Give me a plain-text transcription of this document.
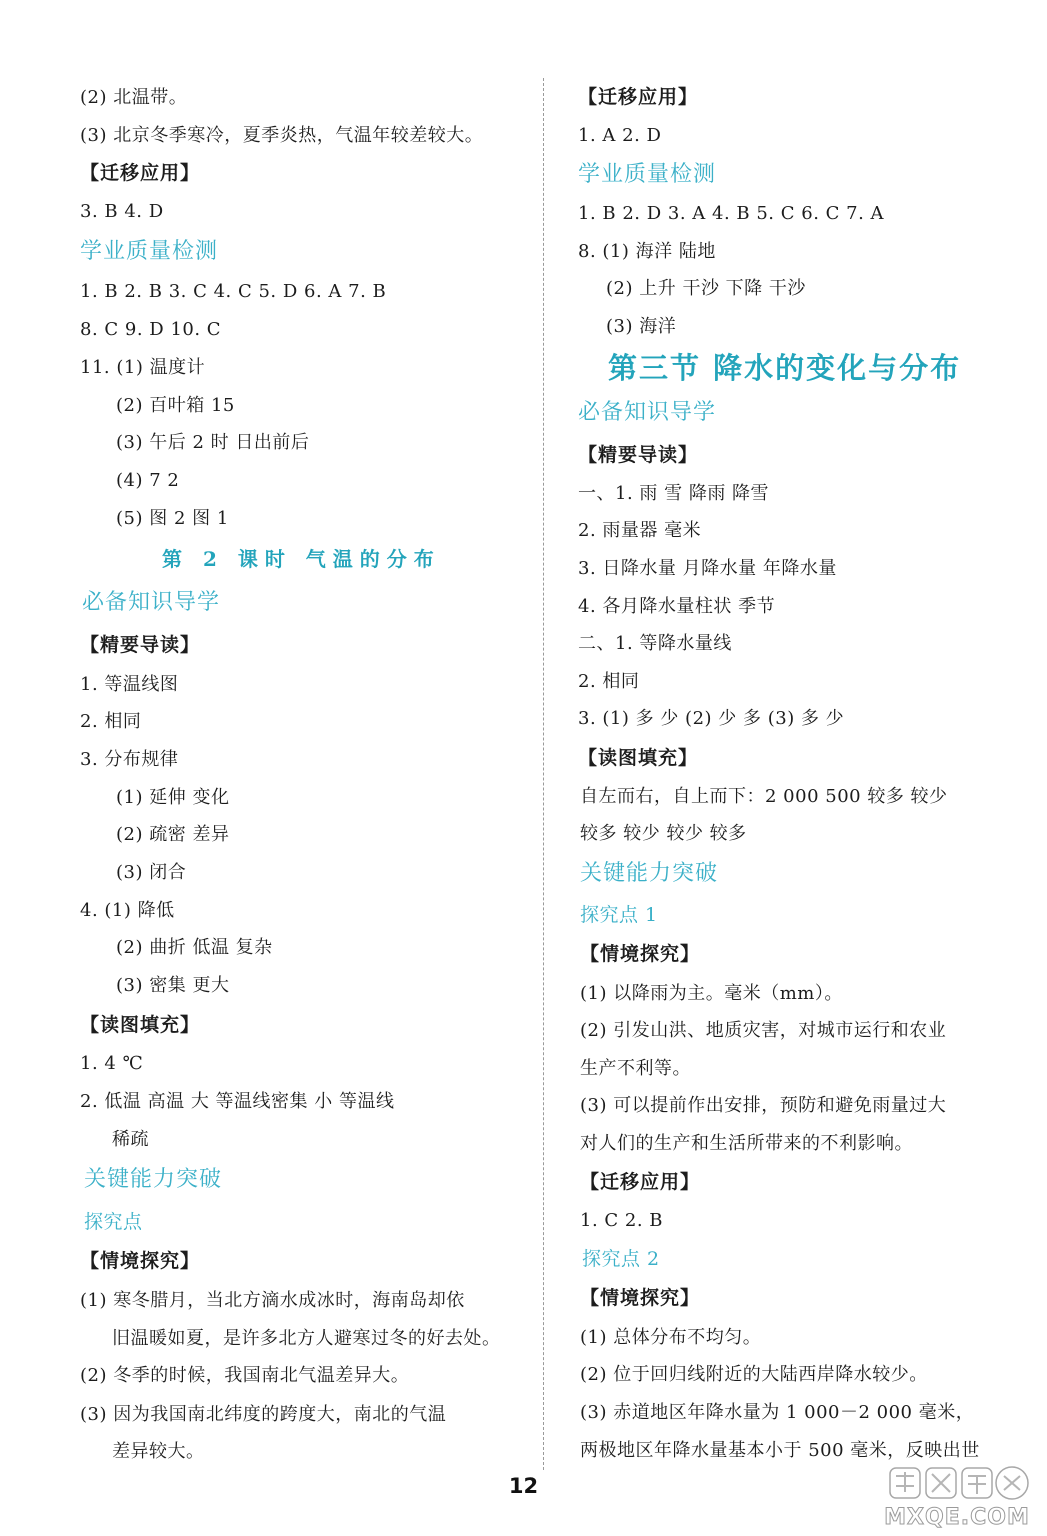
(2) 北温带。
(3) 北京冬季寒冷，夏季炎热，气温年较差较大。
【迁移应用】
3. B 4. D
学业质量检测
1. B 2. B 3. C 4. C 5. D 6. A 7. B
8. C 9. D 10. C
11. (1) 温度计
(2) 百叶箱 15
(3) 午后 2 时 日出前后
(4) 7 2
(5) 图 2 图 1
第 2 课时 气温的分布
必备知识导学
【精要导读】
1. 等温线图
2. 相同
3. 分布规律
(1) 延伸 变化
(2) 疏密 差异
(3) 闭合
4. (1) 降低
(2) 曲折 低温 复杂
(3) 密集 更大
【读图填充】
1. 4 ℃
2. 低温 高温 大 等温线密集 小 等温线
稀疏
关键能力突破
探究点
【情境探究】
(1) 寒冬腊月，当北方滴水成冰时，海南岛却依
旧温暖如夏，是许多北方人避寒过冬的好去处。
(2) 冬季的时候，我国南北气温差异大。
(3) 因为我国南北纬度的跨度大，南北的气温
差异较大。
【迁移应用】
1. A 2. D
学业质量检测
1. B 2. D 3. A 4. B 5. C 6. C 7. A
8. (1) 海洋 陆地
(2) 上升 干沙 下降 干沙
(3) 海洋
第三节 降水的变化与分布
必备知识导学
【精要导读】
一、1. 雨 雪 降雨 降雪
2. 雨量器 毫米
3. 日降水量 月降水量 年降水量
4. 各月降水量柱状 季节
二、1. 等降水量线
2. 相同
3. (1) 多 少 (2) 少 多 (3) 多 少
【读图填充】
自左而右，自上而下：2 000 500 较多 较少
较多 较少 较少 较多
关键能力突破
探究点 1
【情境探究】
(1) 以降雨为主。毫米（mm）。
(2) 引发山洪、地质灾害，对城市运行和农业
生产不利等。
(3) 可以提前作出安排，预防和避免雨量过大
对人们的生产和生活所带来的不利影响。
【迁移应用】
1. C 2. B
探究点 2
【情境探究】
(1) 总体分布不均匀。
(2) 位于回归线附近的大陆西岸降水较少。
(3) 赤道地区年降水量为 1 000－2 000 毫米，
两极地区年降水量基本小于 500 毫米，反映出世
12
MXQE.COM
